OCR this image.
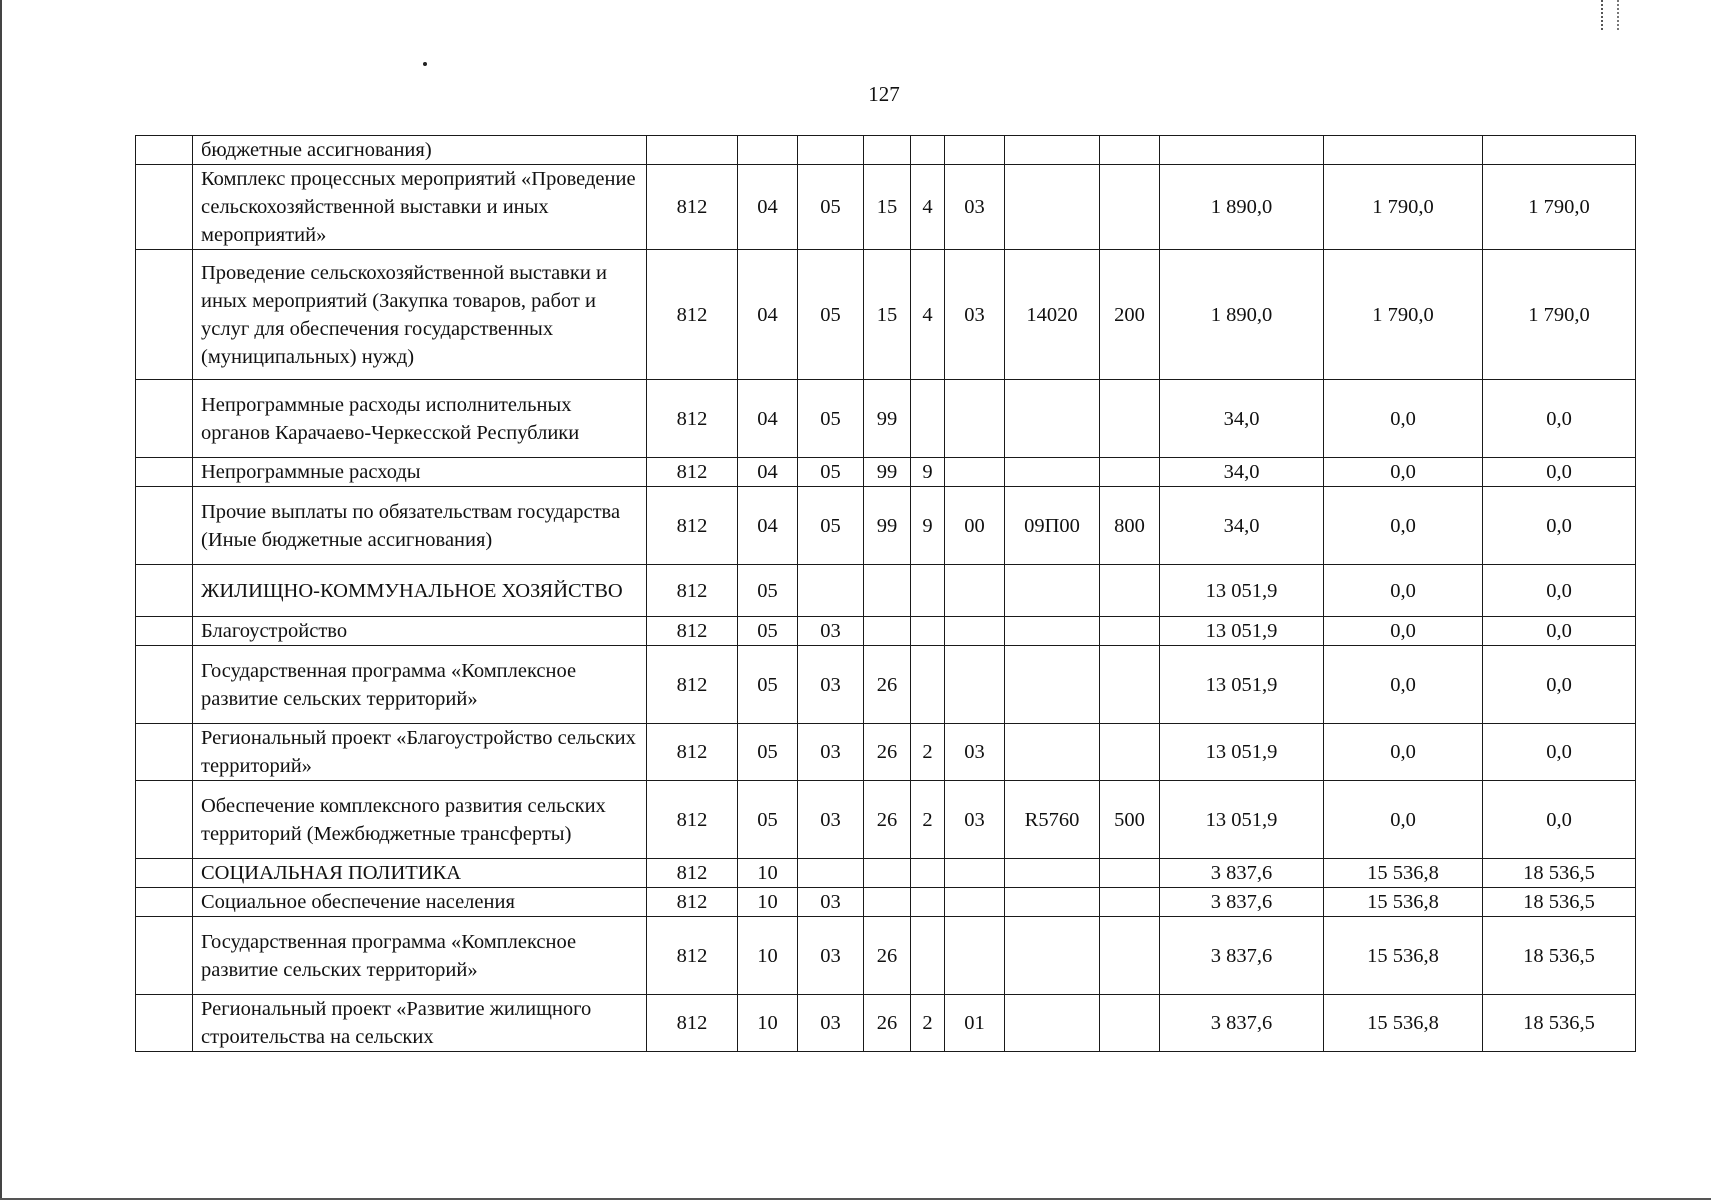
127
	бюджетные ассигнования)											
	Комплекс процессных мероприятий «Проведение сельскохозяйственной выставки и иных мероприятий»	812	04	05	15	4	03			1 890,0	1 790,0	1 790,0
	Проведение сельскохозяйственной выставки и иных мероприятий (Закупка товаров, работ и услуг для обеспечения государственных (муниципальных) нужд)	812	04	05	15	4	03	14020	200	1 890,0	1 790,0	1 790,0
	Непрограммные расходы исполнительных органов Карачаево-Черкесской Республики	812	04	05	99					34,0	0,0	0,0
	Непрограммные расходы	812	04	05	99	9				34,0	0,0	0,0
	Прочие выплаты по обязательствам государства (Иные бюджетные ассигнования)	812	04	05	99	9	00	09П00	800	34,0	0,0	0,0
	ЖИЛИЩНО-КОММУНАЛЬНОЕ ХОЗЯЙСТВО	812	05							13 051,9	0,0	0,0
	Благоустройство	812	05	03						13 051,9	0,0	0,0
	Государственная программа «Комплексное развитие сельских территорий»	812	05	03	26					13 051,9	0,0	0,0
	Региональный проект «Благоустройство сельских территорий»	812	05	03	26	2	03			13 051,9	0,0	0,0
	Обеспечение комплексного развития сельских территорий (Межбюджетные трансферты)	812	05	03	26	2	03	R5760	500	13 051,9	0,0	0,0
	СОЦИАЛЬНАЯ ПОЛИТИКА	812	10							3 837,6	15 536,8	18 536,5
	Социальное обеспечение населения	812	10	03						3 837,6	15 536,8	18 536,5
	Государственная программа «Комплексное развитие сельских территорий»	812	10	03	26					3 837,6	15 536,8	18 536,5
	Региональный проект «Развитие жилищного строительства на сельских	812	10	03	26	2	01			3 837,6	15 536,8	18 536,5
